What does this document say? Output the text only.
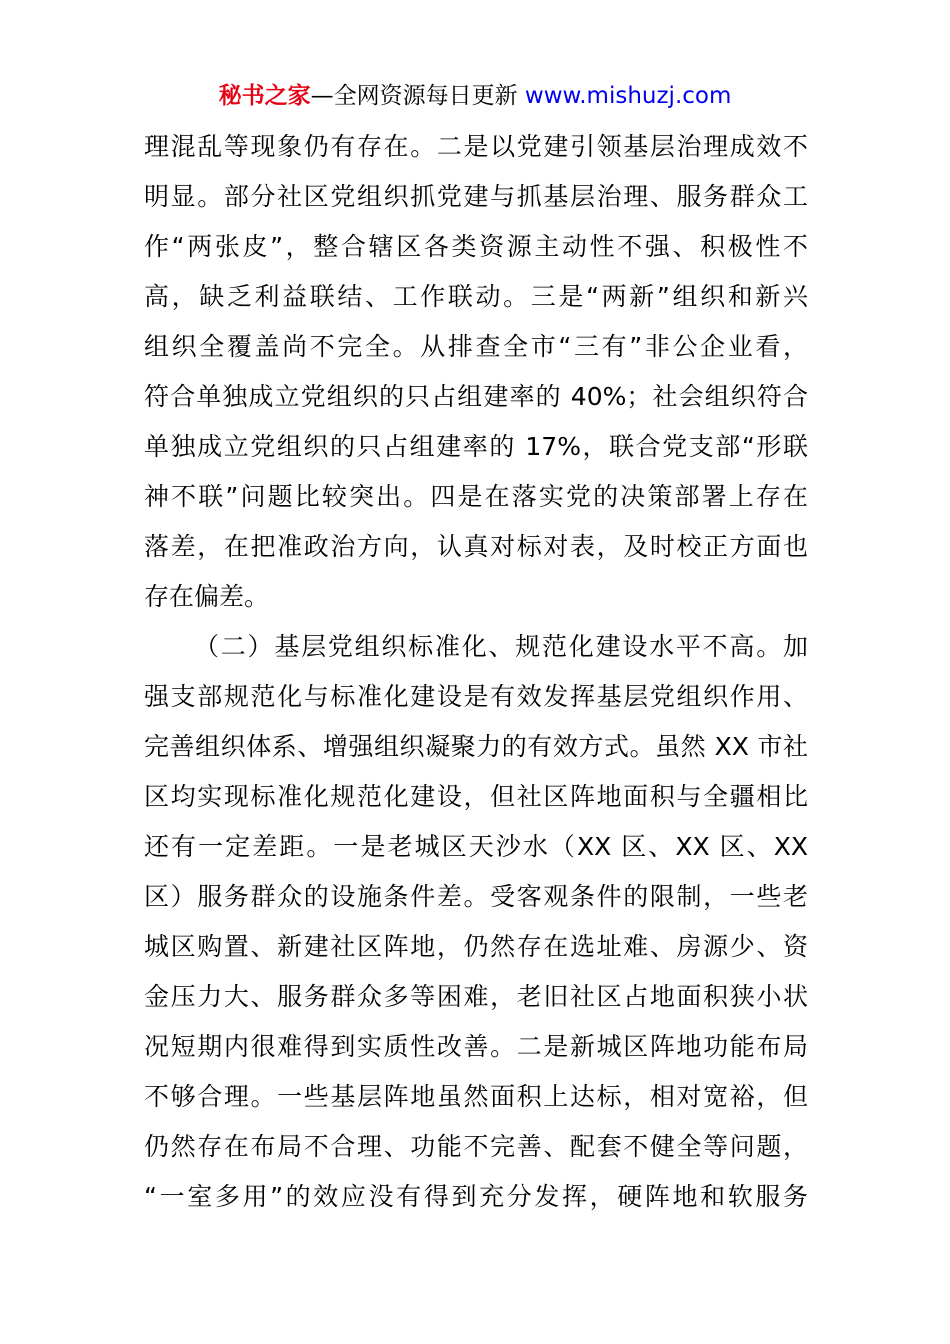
秘书之家—全网资源每日更新 www.mishuzj.com
理混乱等现象仍有存在。二是以党建引领基层治理成效不
明显。部分社区党组织抓党建与抓基层治理、服务群众工
作“两张皮”，整合辖区各类资源主动性不强、积极性不
高，缺乏利益联结、工作联动。三是“两新”组织和新兴
组织全覆盖尚不完全。从排查全市“三有”非公企业看，
符合单独成立党组织的只占组建率的 40%；社会组织符合
单独成立党组织的只占组建率的 17%，联合党支部“形联
神不联”问题比较突出。四是在落实党的决策部署上存在
落差，在把准政治方向，认真对标对表，及时校正方面也
存在偏差。
（二）基层党组织标准化、规范化建设水平不高。加
强支部规范化与标准化建设是有效发挥基层党组织作用、
完善组织体系、增强组织凝聚力的有效方式。虽然 XX 市社
区均实现标准化规范化建设，但社区阵地面积与全疆相比
还有一定差距。一是老城区天沙水（XX 区、XX 区、XX
区）服务群众的设施条件差。受客观条件的限制，一些老
城区购置、新建社区阵地，仍然存在选址难、房源少、资
金压力大、服务群众多等困难，老旧社区占地面积狭小状
况短期内很难得到实质性改善。二是新城区阵地功能布局
不够合理。一些基层阵地虽然面积上达标，相对宽裕，但
仍然存在布局不合理、功能不完善、配套不健全等问题，
“一室多用”的效应没有得到充分发挥，硬阵地和软服务
